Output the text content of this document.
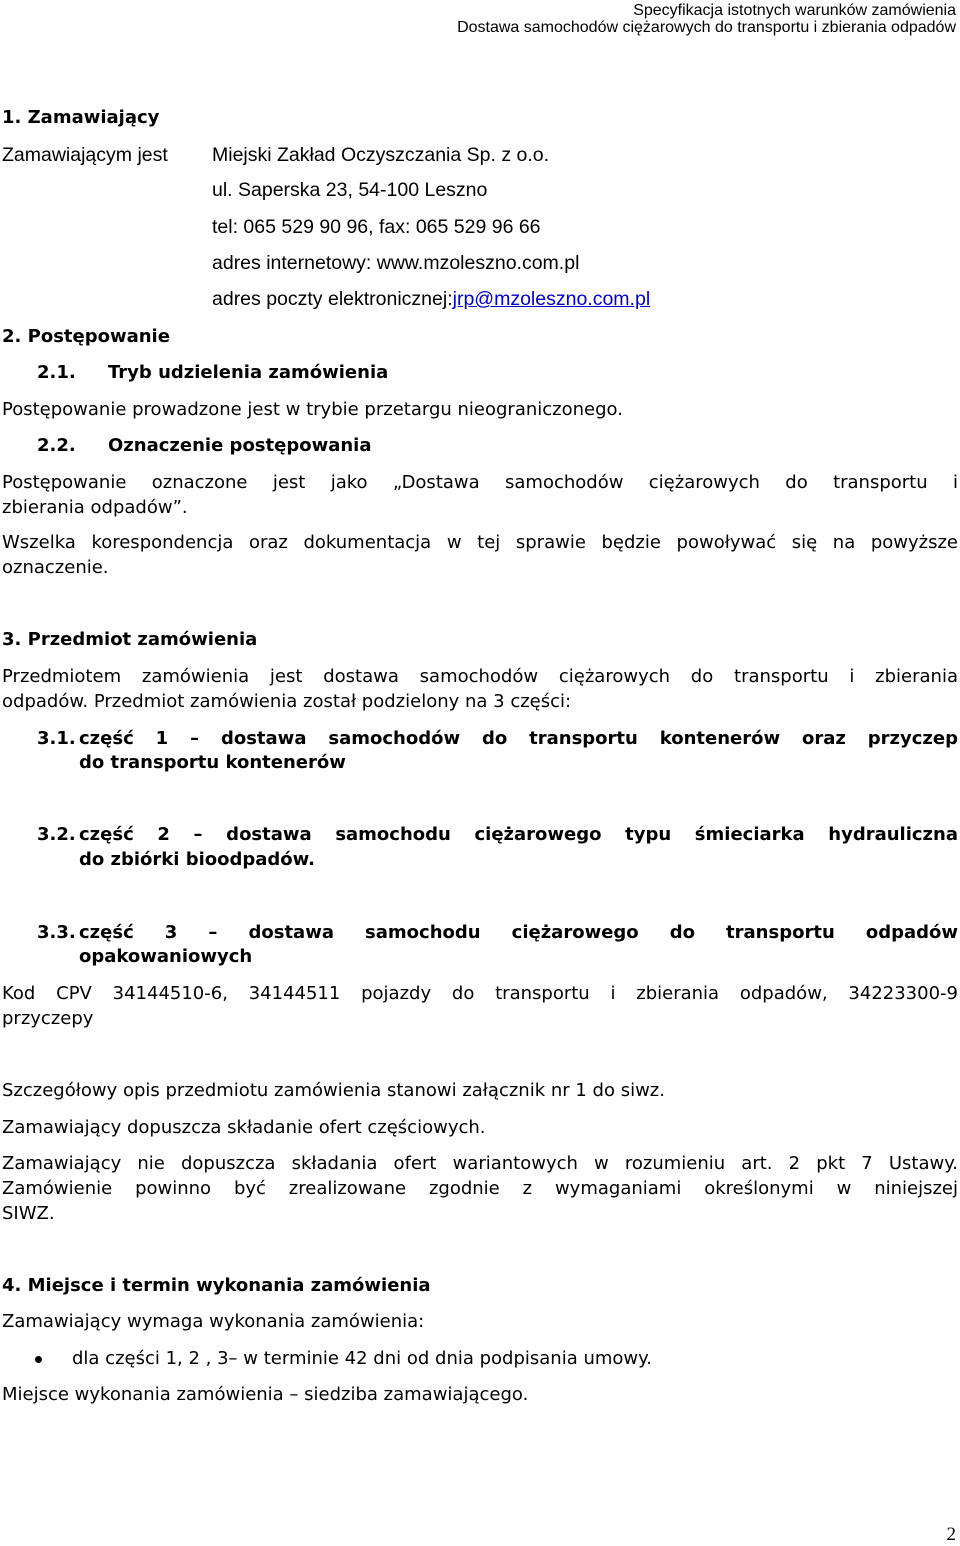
Specyfikacja istotnych warunków zamówienia
Dostawa samochodów ciężarowych do transportu i zbierania odpadów
1. Zamawiający
Zamawiającym jest Miejski Zakład Oczyszczania Sp. z o.o.
ul. Saperska 23, 54-100 Leszno
tel: 065 529 90 96, fax: 065 529 96 66
adres internetowy: www.mzoleszno.com.pl
adres poczty elektronicznej:jrp@mzoleszno.com.pl
2. Postępowanie
2.1. Tryb udzielenia zamówienia
Postępowanie prowadzone jest w trybie przetargu nieograniczonego.
2.2. Oznaczenie postępowania
Postępowanie oznaczone jest jako „Dostawa samochodów ciężarowych do transportu i
zbierania odpadów”.
Wszelka korespondencja oraz dokumentacja w tej sprawie będzie powoływać się na powyższe
oznaczenie.
3. Przedmiot zamówienia
Przedmiotem zamówienia jest dostawa samochodów ciężarowych do transportu i zbierania
odpadów. Przedmiot zamówienia został podzielony na 3 części:
3.1. część 1 – dostawa samochodów do transportu kontenerów oraz przyczep
do transportu kontenerów
3.2. część 2 – dostawa samochodu ciężarowego typu śmieciarka hydrauliczna
do zbiórki bioodpadów.
3.3. część 3 – dostawa samochodu ciężarowego do transportu odpadów
opakowaniowych
Kod CPV 34144510-6, 34144511 pojazdy do transportu i zbierania odpadów, 34223300-9
przyczepy
Szczegółowy opis przedmiotu zamówienia stanowi załącznik nr 1 do siwz.
Zamawiający dopuszcza składanie ofert częściowych.
Zamawiający nie dopuszcza składania ofert wariantowych w rozumieniu art. 2 pkt 7 Ustawy.
Zamówienie powinno być zrealizowane zgodnie z wymaganiami określonymi w niniejszej
SIWZ.
4. Miejsce i termin wykonania zamówienia
Zamawiający wymaga wykonania zamówienia:
dla części 1, 2 , 3– w terminie 42 dni od dnia podpisania umowy.
Miejsce wykonania zamówienia – siedziba zamawiającego.
2
